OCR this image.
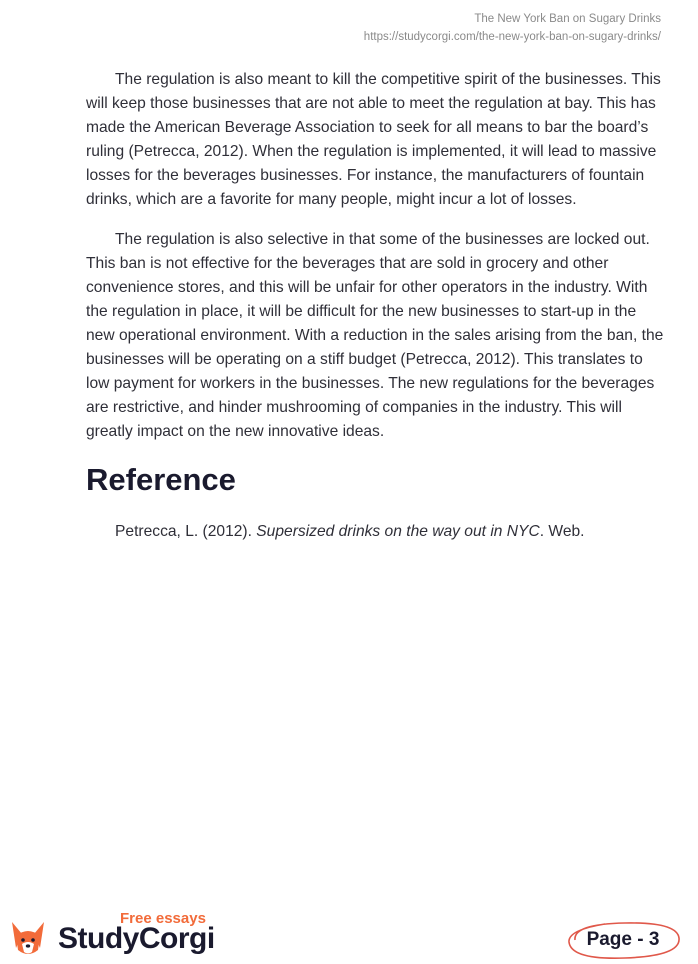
The New York Ban on Sugary Drinks
https://studycorgi.com/the-new-york-ban-on-sugary-drinks/

The regulation is also meant to kill the competitive spirit of the businesses. This will keep those businesses that are not able to meet the regulation at bay. This has made the American Beverage Association to seek for all means to bar the board’s ruling (Petrecca, 2012). When the regulation is implemented, it will lead to massive losses for the beverages businesses. For instance, the manufacturers of fountain drinks, which are a favorite for many people, might incur a lot of losses.

The regulation is also selective in that some of the businesses are locked out. This ban is not effective for the beverages that are sold in grocery and other convenience stores, and this will be unfair for other operators in the industry. With the regulation in place, it will be difficult for the new businesses to start-up in the new operational environment. With a reduction in the sales arising from the ban, the businesses will be operating on a stiff budget (Petrecca, 2012). This translates to low payment for workers in the businesses. The new regulations for the beverages are restrictive, and hinder mushrooming of companies in the industry. This will greatly impact on the new innovative ideas.

Reference

Petrecca, L. (2012). Supersized drinks on the way out in NYC. Web.

Free essays
StudyCorgi	Page - 3
